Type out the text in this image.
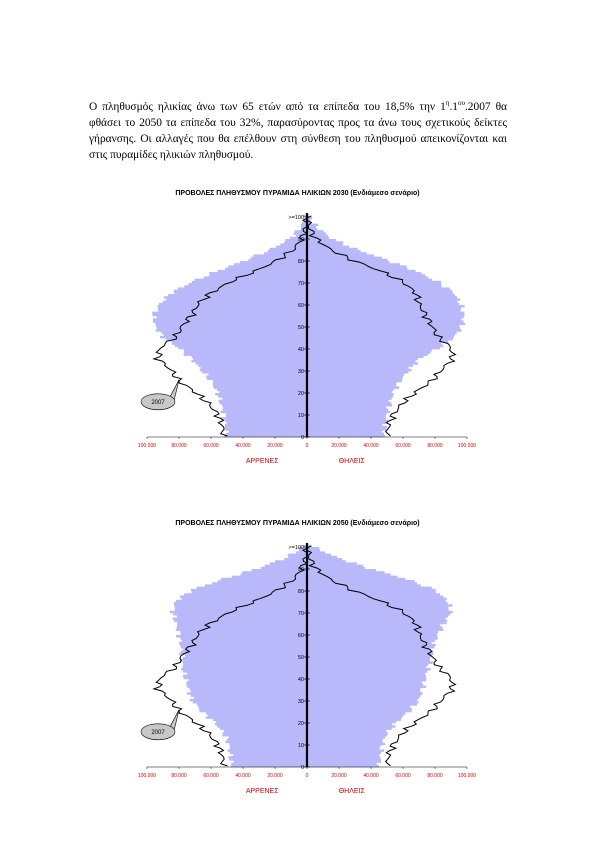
Ο πληθυσμός ηλικίας άνω των 65 ετών από τα επίπεδα του 18,5% την $1^\eta.1^{o\upsilon}.2007$ θα φθάσει το 2050 τα επίπεδα του 32%, παρασύροντας προς τα άνω τους σχετικούς δείκτες γήρανσης. Οι αλλαγές που θα επέλθουν στη σύνθεση του πληθυσμού απεικονίζονται και στις πυραμίδες ηλικιών πληθυσμού.
ΠΡΟΒΟΛΕΣ ΠΛΗΘΥΣΜΟΥ ΠΥΡΑΜΙΔΑ ΗΛΙΚΙΩΝ 2030 (Ενδιάμεσο σενάριο)
0
10
20
30
40
50
60
70
80
90
>=100
100.000	80.000	60.000	40.000	20.000	0	20.000	40.000	60.000	80.000	100.000
ΑΡΡΕΝΕΣ	ΘΗΛΕΙΣ
2007
ΠΡΟΒΟΛΕΣ ΠΛΗΘΥΣΜΟΥ ΠΥΡΑΜΙΔΑ ΗΛΙΚΙΩΝ 2050 (Ενδιάμεσο σενάριο)
0
10
20
30
40
50
60
70
80
90
>=100
100.000	80.000	60.000	40.000	20.000	0	20.000	40.000	60.000	80.000	100.000
ΑΡΡΕΝΕΣ	ΘΗΛΕΙΣ
2007
